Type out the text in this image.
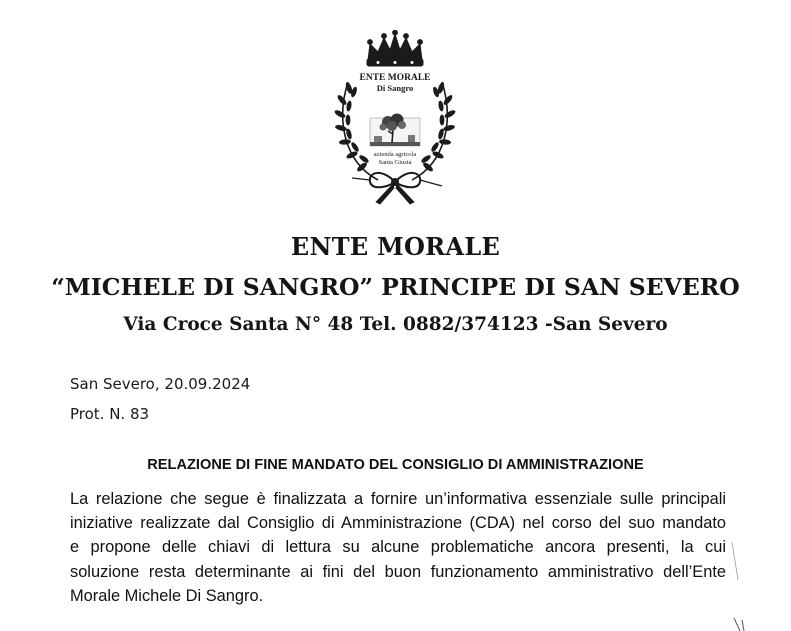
ENTE MORALE
Di Sangro
azienda agricola
Santa Giusta
ENTE MORALE
“MICHELE DI SANGRO” PRINCIPE DI SAN SEVERO
Via Croce Santa N° 48 Tel. 0882/374123 -San Severo
San Severo, 20.09.2024
Prot. N. 83
RELAZIONE DI FINE MANDATO DEL CONSIGLIO DI AMMINISTRAZIONE

La relazione che segue è finalizzata a fornire un’informativa essenziale sulle principali
iniziative realizzate dal Consiglio di Amministrazione (CDA) nel corso del suo mandato
e propone delle chiavi di lettura su alcune problematiche ancora presenti, la cui
soluzione resta determinante ai fini del buon funzionamento amministrativo dell’Ente
Morale Michele Di Sangro.
